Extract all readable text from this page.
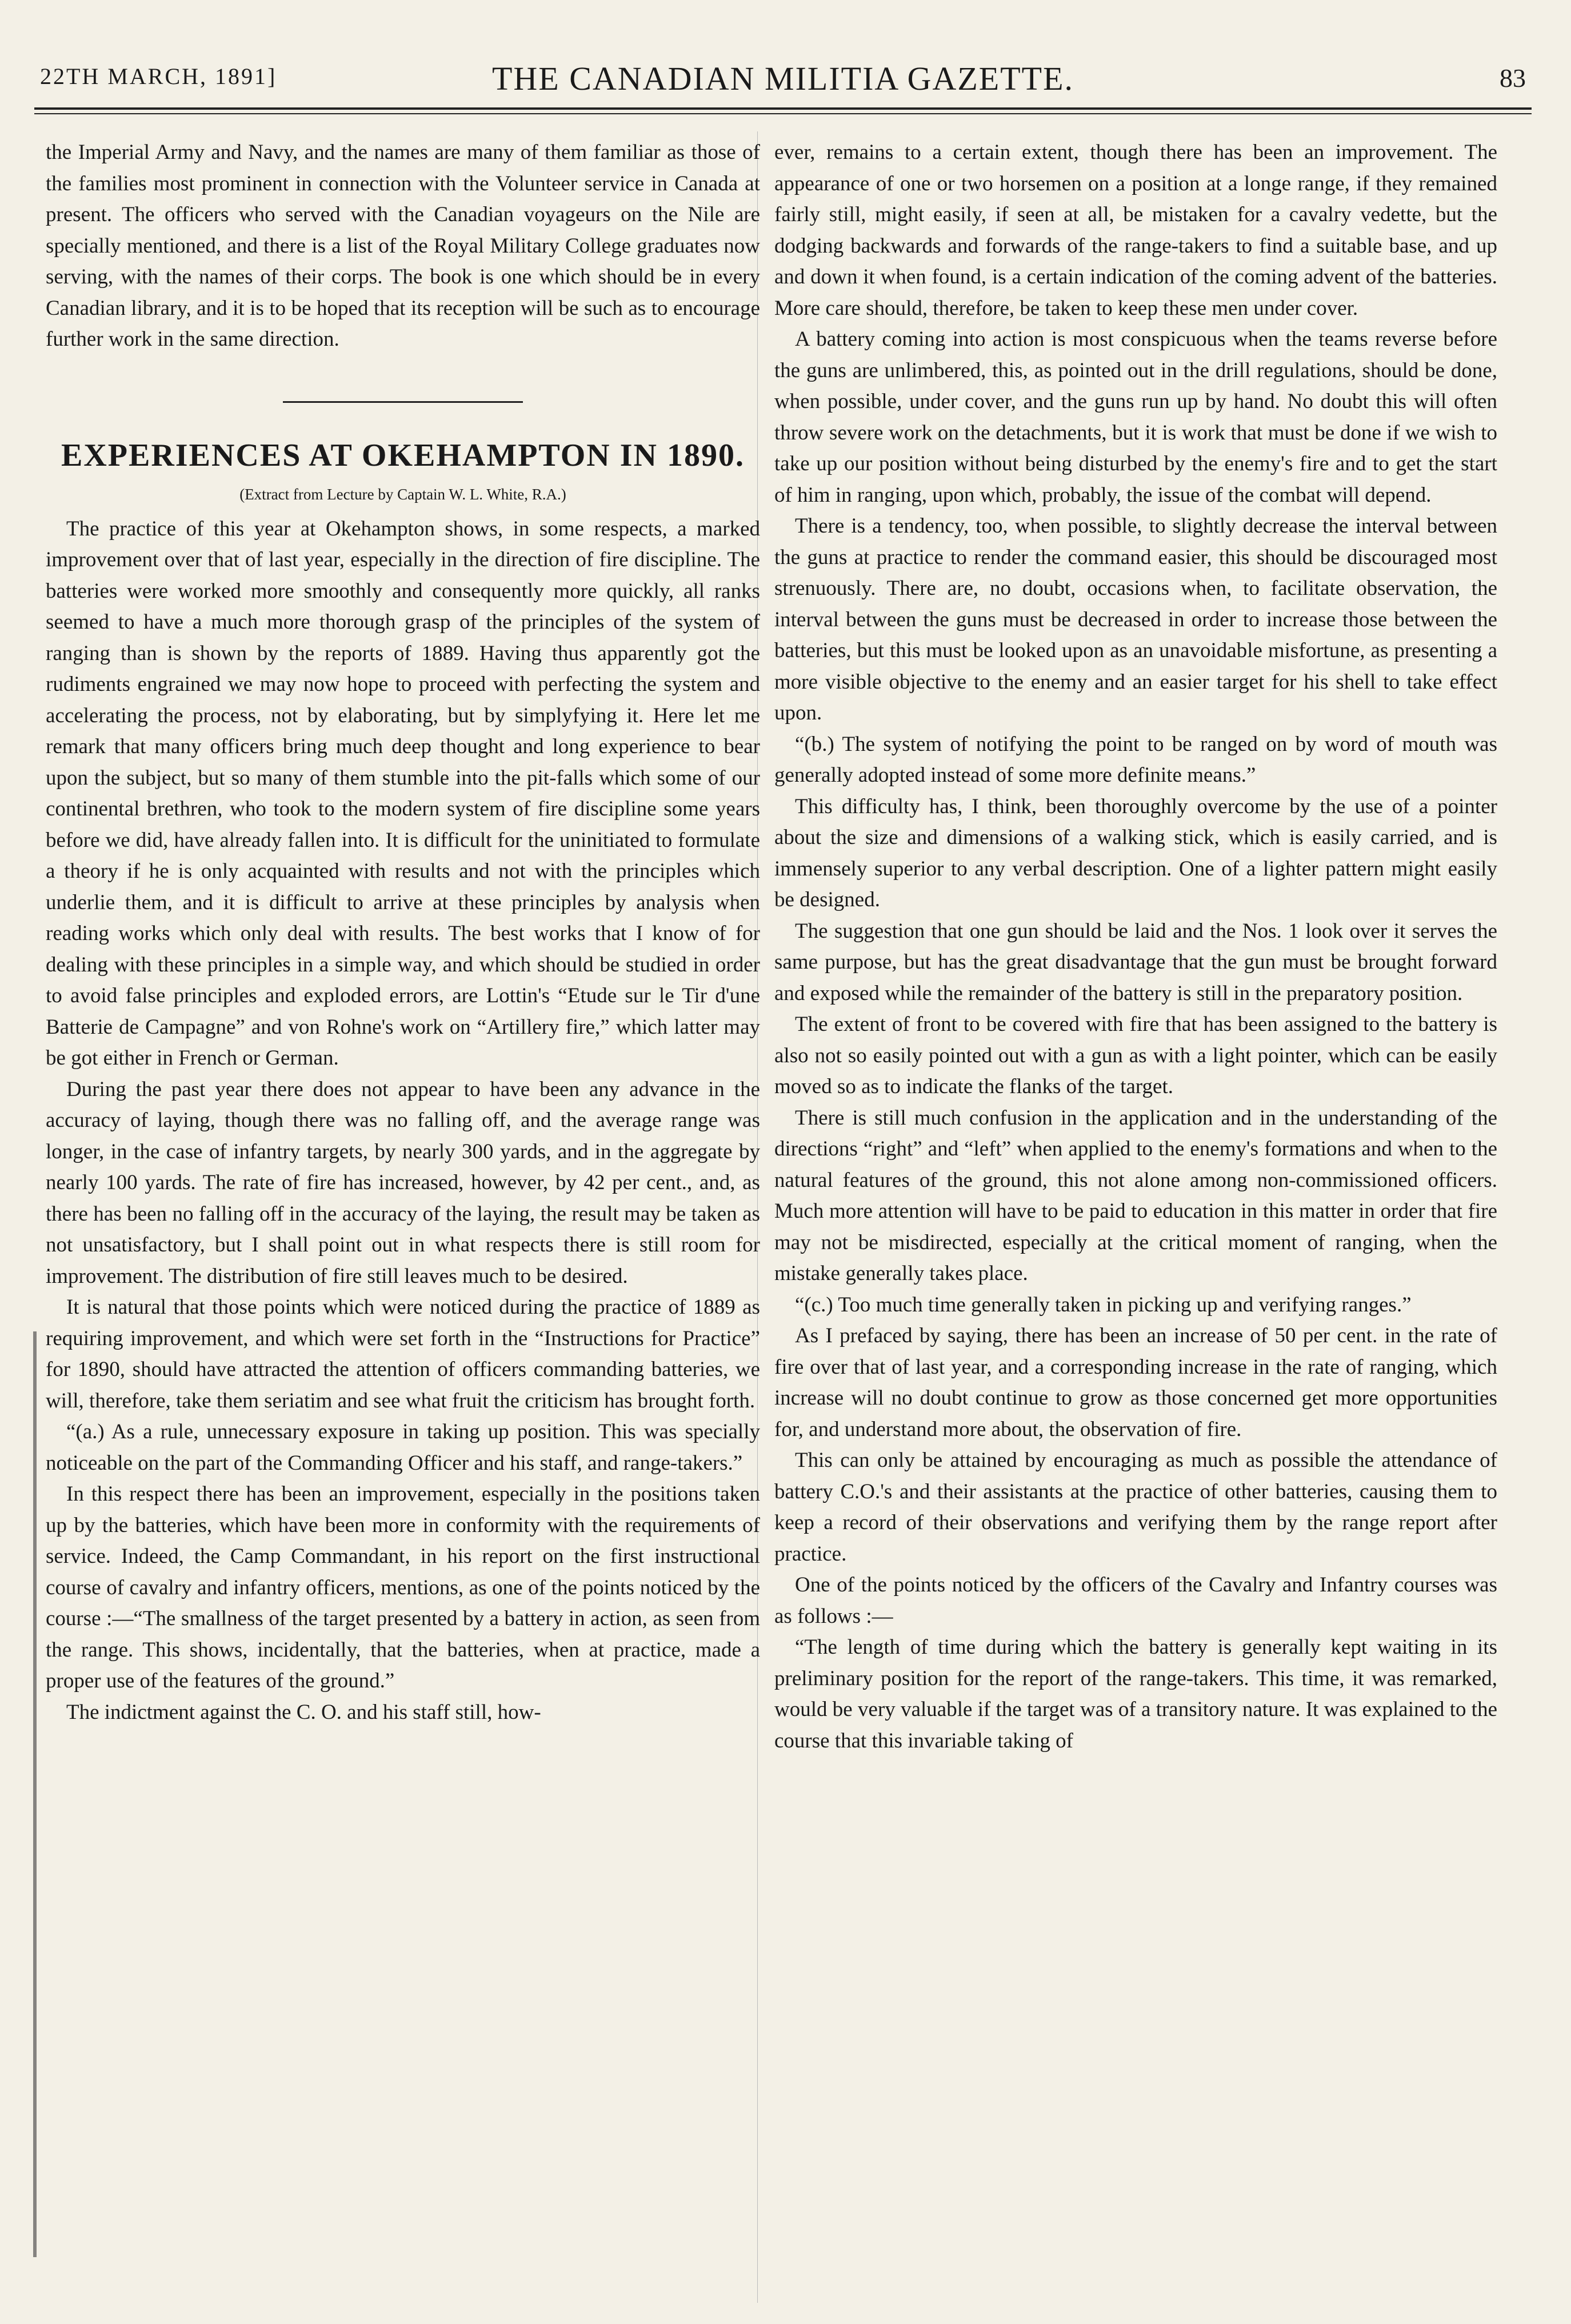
22TH MARCH, 1891]	THE CANADIAN MILITIA GAZETTE.	83

the Imperial Army and Navy, and the names are many of them familiar as those of the families most prominent in connection with the Volunteer service in Canada at present. The officers who served with the Canadian voyageurs on the Nile are specially mentioned, and there is a list of the Royal Military College graduates now serving, with the names of their corps. The book is one which should be in every Canadian library, and it is to be hoped that its reception will be such as to encourage further work in the same direction.

EXPERIENCES AT OKEHAMPTON IN 1890.
(Extract from Lecture by Captain W. L. White, R.A.)

The practice of this year at Okehampton shows, in some respects, a marked improvement over that of last year, especially in the direction of fire discipline. The batteries were worked more smoothly and consequently more quickly, all ranks seemed to have a much more thorough grasp of the principles of the system of ranging than is shown by the reports of 1889. Having thus apparently got the rudiments engrained we may now hope to proceed with perfecting the system and accelerating the process, not by elaborating, but by simplyfying it. Here let me remark that many officers bring much deep thought and long experience to bear upon the subject, but so many of them stumble into the pit-falls which some of our continental brethren, who took to the modern system of fire discipline some years before we did, have already fallen into. It is difficult for the uninitiated to formulate a theory if he is only acquainted with results and not with the principles which underlie them, and it is difficult to arrive at these principles by analysis when reading works which only deal with results. The best works that I know of for dealing with these principles in a simple way, and which should be studied in order to avoid false principles and exploded errors, are Lottin's “Etude sur le Tir d'une Batterie de Campagne” and von Rohne's work on “Artillery fire,” which latter may be got either in French or German.

During the past year there does not appear to have been any advance in the accuracy of laying, though there was no falling off, and the average range was longer, in the case of infantry targets, by nearly 300 yards, and in the aggregate by nearly 100 yards. The rate of fire has increased, however, by 42 per cent., and, as there has been no falling off in the accuracy of the laying, the result may be taken as not unsatisfactory, but I shall point out in what respects there is still room for improvement. The distribution of fire still leaves much to be desired.

It is natural that those points which were noticed during the practice of 1889 as requiring improvement, and which were set forth in the “Instructions for Practice” for 1890, should have attracted the attention of officers commanding batteries, we will, therefore, take them seriatim and see what fruit the criticism has brought forth.

“(a.) As a rule, unnecessary exposure in taking up position. This was specially noticeable on the part of the Commanding Officer and his staff, and range-takers.”

In this respect there has been an improvement, especially in the positions taken up by the batteries, which have been more in conformity with the requirements of service. Indeed, the Camp Commandant, in his report on the first instructional course of cavalry and infantry officers, mentions, as one of the points noticed by the course :—“The smallness of the target presented by a battery in action, as seen from the range. This shows, incidentally, that the batteries, when at practice, made a proper use of the features of the ground.”

The indictment against the C. O. and his staff still, how-

ever, remains to a certain extent, though there has been an improvement. The appearance of one or two horsemen on a position at a longe range, if they remained fairly still, might easily, if seen at all, be mistaken for a cavalry vedette, but the dodging backwards and forwards of the range-takers to find a suitable base, and up and down it when found, is a certain indication of the coming advent of the batteries. More care should, therefore, be taken to keep these men under cover.

A battery coming into action is most conspicuous when the teams reverse before the guns are unlimbered, this, as pointed out in the drill regulations, should be done, when possible, under cover, and the guns run up by hand. No doubt this will often throw severe work on the detachments, but it is work that must be done if we wish to take up our position without being disturbed by the enemy's fire and to get the start of him in ranging, upon which, probably, the issue of the combat will depend.

There is a tendency, too, when possible, to slightly decrease the interval between the guns at practice to render the command easier, this should be discouraged most strenuously. There are, no doubt, occasions when, to facilitate observation, the interval between the guns must be decreased in order to increase those between the batteries, but this must be looked upon as an unavoidable misfortune, as presenting a more visible objective to the enemy and an easier target for his shell to take effect upon.

“(b.) The system of notifying the point to be ranged on by word of mouth was generally adopted instead of some more definite means.”

This difficulty has, I think, been thoroughly overcome by the use of a pointer about the size and dimensions of a walking stick, which is easily carried, and is immensely superior to any verbal description. One of a lighter pattern might easily be designed.

The suggestion that one gun should be laid and the Nos. 1 look over it serves the same purpose, but has the great disadvantage that the gun must be brought forward and exposed while the remainder of the battery is still in the preparatory position.

The extent of front to be covered with fire that has been assigned to the battery is also not so easily pointed out with a gun as with a light pointer, which can be easily moved so as to indicate the flanks of the target.

There is still much confusion in the application and in the understanding of the directions “right” and “left” when applied to the enemy's formations and when to the natural features of the ground, this not alone among non-commissioned officers. Much more attention will have to be paid to education in this matter in order that fire may not be misdirected, especially at the critical moment of ranging, when the mistake generally takes place.

“(c.) Too much time generally taken in picking up and verifying ranges.”

As I prefaced by saying, there has been an increase of 50 per cent. in the rate of fire over that of last year, and a corresponding increase in the rate of ranging, which increase will no doubt continue to grow as those concerned get more opportunities for, and understand more about, the observation of fire.

This can only be attained by encouraging as much as possible the attendance of battery C.O.'s and their assistants at the practice of other batteries, causing them to keep a record of their observations and verifying them by the range report after practice.

One of the points noticed by the officers of the Cavalry and Infantry courses was as follows :—

“The length of time during which the battery is generally kept waiting in its preliminary position for the report of the range-takers. This time, it was remarked, would be very valuable if the target was of a transitory nature. It was explained to the course that this invariable taking of
